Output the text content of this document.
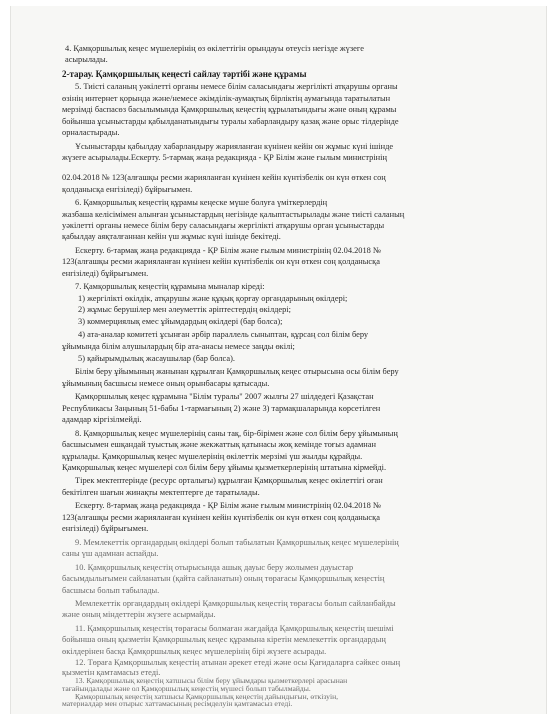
4. Қамқоршылық кеңес мүшелерінің өз өкілеттігін орындауы өтеусіз негізде жүзеге
асырылады.
2-тарау. Қамқоршылық кеңесті сайлау тәртібі және құрамы
5. Тиісті саланың уәкілетті органы немесе білім саласындағы жергілікті атқарушы органы
өзінің интернет қорында және/немесе әкімдiлік-аумақтық бірліктің аумағында таратылатын
мерзімді баспасөз басылымында Қамқоршылық кеңестің құрылатындығы және оның құрамы
бойынша ұсыныстарды қабылданатындығы туралы хабарландыру қазақ және орыс тілдерінде
орналастырады.
Ұсыныстарды қабылдау хабарландыру жарияланған күнінен кейін он жұмыс күні ішінде
жүзеге асырылады.Ескерту. 5-тармақ жаңа редакцияда - ҚР Білім және ғылым министрінің
02.04.2018 № 123(алғашқы ресми жарияланған күнінен кейін күнтізбелік он күн өткен соң
қолданысқа енгізіледі) бұйрығымен.
6. Қамқоршылық кеңестің құрамы кеңеске мүше болуға үміткерлердің
жазбаша келісімімен алынған ұсыныстардың негізінде қалыптастырылады және тиісті саланың
уәкілетті органы немесе білім беру саласындағы жергілікті атқарушы орган ұсыныстарды
қабылдау аяқталғаннан кейін үш жұмыс күні ішінде бекітеді.
Ескерту. 6-тармақ жаңа редакцияда - ҚР Білім және ғылым министрінің 02.04.2018 №
123(алғашқы ресми жарияланған күнінен кейін күнтізбелік он күн өткен соң қолданысқа
енгізіледі) бұйрығымен.
7. Қамқоршылық кеңестің құрамына мыналар кіреді:
1) жергілікті өкілдік, атқарушы және құқық қорғау органдарының өкілдері;
2) жұмыс берушілер мен әлеуметтік әріптестердің өкілдері;
3) коммерциялық емес ұйымдардың өкілдері (бар болса);
4) ата-аналар комитеті ұсынған әрбір параллель сыныптан, құрсаң сол білім беру
ұйымында білім алушылардың бір ата-анасы немесе заңды өкілі;
5) қайырымдылық жасаушылар (бар болса).
Білім беру ұйымының жанынан құрылған Қамқоршылық кеңес отырысына осы білім беру
ұйымының басшысы немесе оның орынбасары қатысады.
Қамқоршылық кеңес құрамына "Білім туралы" 2007 жылғы 27 шілдедегі Қазақстан
Республикасы Заңының 51-бабы 1-тармағының 2) және 3) тармақшаларында көрсетілген
адамдар кіргізілмейді.
8. Қамқоршылық кеңес мүшелерінің саны тақ, бір-бірімен және сол білім беру ұйымының
басшысымен ешқандай туыстық және жекжаттық қатынасы жоқ кемінде тоғыз адамнан
құрылады. Қамқоршылық кеңес мүшелерінің өкілеттік мерзімі үш жылды құрайды.
Қамқоршылық кеңес мүшелері сол білім беру ұйымы қызметкерлерінің штатына кірмейді.
Тірек мектептерінде (ресурс орталығы) құрылған Қамқоршылық кеңес өкілеттігі оған
бекітілген шағын жинақты мектептерге де таратылады.
Ескерту. 8-тармақ жаңа редакцияда - ҚР Білім және ғылым министрінің 02.04.2018 №
123(алғашқы ресми жарияланған күнінен кейін күнтізбелік он күн өткен соң қолданысқа
енгізіледі) бұйрығымен.
9. Мемлекеттік органдардың өкілдері болып табылатын Қамқоршылық кеңес мүшелерінің
саны үш адамнан аспайды.
10. Қамқоршылық кеңестің отырысында ашық дауыс беру жолымен дауыстар
басымдылығымен сайланатын (қайта сайланатын) оның төрағасы Қамқоршылық кеңестің
басшысы болып табылады.
Мемлекеттік органдардың өкілдері Қамқоршылық кеңестің төрағасы болып сайланбайды
және оның міндеттерін жүзеге асырмайды.
11. Қамқоршылық кеңестің төрағасы болмаған жағдайда Қамқоршылық кеңестің шешімі
бойынша оның қызметін Қамқоршылық кеңес құрамына кіретін мемлекеттік органдардың
өкілдерінен басқа Қамқоршылық кеңес мүшелерінің бірі жүзеге асырады.
12. Төраға Қамқоршылық кеңестің атынан әрекет етеді және осы Қағидаларға сәйкес оның
қызметін қамтамасыз етеді.
13. Қамқоршылық кеңестің хатшысы білім беру ұйымдары қызметкерлері арасынан
тағайындалады және ол Қамқоршылық кеңестің мүшесі болып табылмайды.
Қамқоршылық кеңестің хатшысы Қамқоршылық кеңестің дайындығын, өткізуін,
материалдар мен отырыс хаттамасының ресімделуін қамтамасыз етеді.
